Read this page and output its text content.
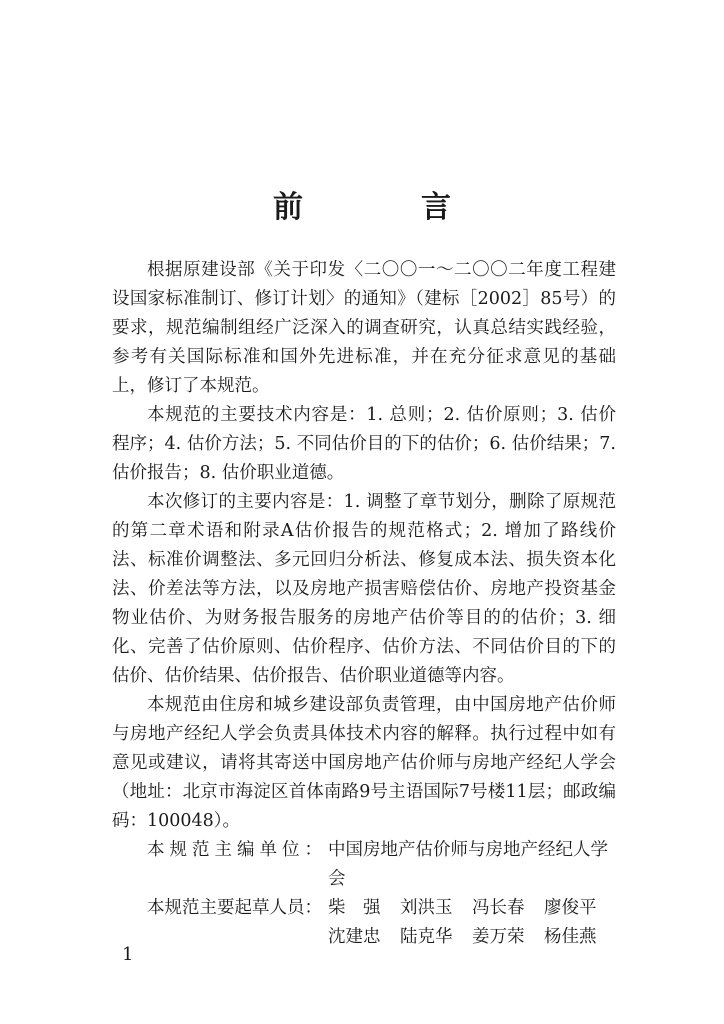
前　言

根据原建设部《关于印发〈二〇〇一～二〇〇二年度工程建设国家标准制订、修订计划〉的通知》（建标［2002］85号）的要求，规范编制组经广泛深入的调查研究，认真总结实践经验，参考有关国际标准和国外先进标准，并在充分征求意见的基础上，修订了本规范。

本规范的主要技术内容是：1. 总则；2. 估价原则；3. 估价程序；4. 估价方法；5. 不同估价目的下的估价；6. 估价结果；7. 估价报告；8. 估价职业道德。

本次修订的主要内容是：1. 调整了章节划分，删除了原规范的第二章术语和附录A估价报告的规范格式；2. 增加了路线价法、标准价调整法、多元回归分析法、修复成本法、损失资本化法、价差法等方法，以及房地产损害赔偿估价、房地产投资基金物业估价、为财务报告服务的房地产估价等目的的估价；3. 细化、完善了估价原则、估价程序、估价方法、不同估价目的下的估价、估价结果、估价报告、估价职业道德等内容。

本规范由住房和城乡建设部负责管理，由中国房地产估价师与房地产经纪人学会负责具体技术内容的解释。执行过程中如有意见或建议，请将其寄送中国房地产估价师与房地产经纪人学会（地址：北京市海淀区首体南路9号主语国际7号楼11层；邮政编码：100048）。

本规范主编单位： 中国房地产估价师与房地产经纪人学会
本规范主要起草人员： 柴　强	刘洪玉	冯长春	廖俊平
沈建忠	陆克华	姜万荣	杨佳燕

1
